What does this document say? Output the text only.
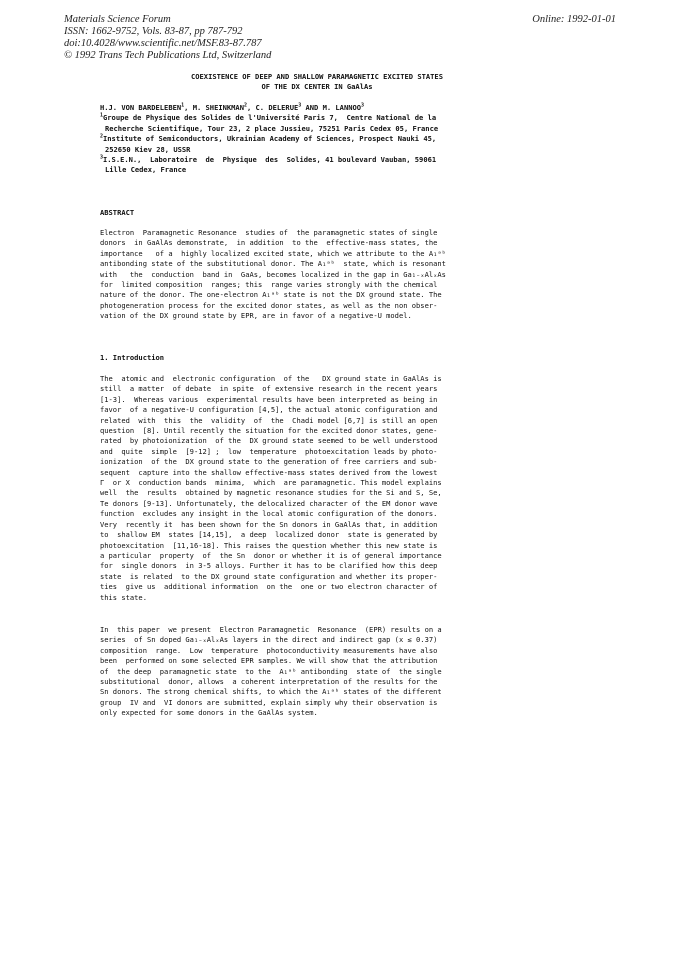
Materials Science Forum
ISSN: 1662-9752, Vols. 83-87, pp 787-792
doi:10.4028/www.scientific.net/MSF.83-87.787
© 1992 Trans Tech Publications Ltd, Switzerland
Online: 1992-01-01
COEXISTENCE OF DEEP AND SHALLOW PARAMAGNETIC EXCITED STATES
OF THE DX CENTER IN GaAlAs
H.J. VON BARDELEBEN$^1$, M. SHEINKMAN$^2$, C. DELERUE$^3$ AND M. LANNOO$^3$
$^1$Groupe de Physique des Solides de l'Université Paris 7,  Centre National de la
Recherche Scientifique, Tour 23, 2 place Jussieu, 75251 Paris Cedex 05, France
$^2$Institute of Semiconductors, Ukrainian Academy of Sciences, Prospect Nauki 45,
252650 Kiev 28, USSR
$^3$I.S.E.N.,  Laboratoire  de  Physique  des  Solides, 41 boulevard Vauban, 59061
Lille Cedex, France
ABSTRACT
Electron  Paramagnetic Resonance  studies of  the paramagnetic states of single
donors  in GaAlAs demonstrate,  in addition  to the  effective-mass states, the
importance   of a  highly localized excited state, which we attribute to the A₁ᵃᵇ
antibonding state of the substitutional donor. The A₁ᵃᵇ  state, which is resonant
with   the  conduction  band in  GaAs, becomes localized in the gap in Ga₁₋ₓAlₓAs
for  limited composition  ranges; this  range varies strongly with the chemical
nature of the donor. The one-electron A₁ᵃᵇ state is not the DX ground state. The
photogeneration process for the excited donor states, as well as the non obser-
vation of the DX ground state by EPR, are in favor of a negative-U model.
1. Introduction
The  atomic and  electronic configuration  of the   DX ground state in GaAlAs is
still  a matter  of debate  in spite  of extensive research in the recent years
[1-3].  Whereas various  experimental results have been interpreted as being in
favor  of a negative-U configuration [4,5], the actual atomic configuration and
related  with  this  the  validity  of  the  Chadi model [6,7] is still an open
question  [8]. Until recently the situation for the excited donor states, gene-
rated  by photoionization  of the  DX ground state seemed to be well understood
and  quite  simple  [9-12] ;  low  temperature  photoexcitation leads by photo-
ionization  of the  DX ground state to the generation of free carriers and sub-
sequent  capture into the shallow effective-mass states derived from the lowest
Γ  or X  conduction bands  minima,  which  are paramagnetic. This model explains
well  the  results  obtained by magnetic resonance studies for the Si and S, Se,
Te donors [9-13]. Unfortunately, the delocalized character of the EM donor wave
function  excludes any insight in the local atomic configuration of the donors.
Very  recently it  has been shown for the Sn donors in GaAlAs that, in addition
to  shallow EM  states [14,15],  a deep  localized donor  state is generated by
photoexcitation  [11,16-18]. This raises the question whether this new state is
a particular  property  of  the Sn  donor or whether it is of general importance
for  single donors  in 3-5 alloys. Further it has to be clarified how this deep
state  is related  to the DX ground state configuration and whether its proper-
ties  give us  additional information  on the  one or two electron character of
this state.
In  this paper  we present  Electron Paramagnetic  Resonance  (EPR) results on a
series  of Sn doped Ga₁₋ₓAlₓAs layers in the direct and indirect gap (x ≲ 0.37)
composition  range.  Low  temperature  photoconductivity measurements have also
been  performed on some selected EPR samples. We will show that the attribution
of  the deep  paramagnetic state  to the  A₁ᵃᵇ antibonding  state of  the single
substitutional  donor, allows  a coherent interpretation of the results for the
Sn donors. The strong chemical shifts, to which the A₁ᵃᵇ states of the different
group  IV and  VI donors are submitted, explain simply why their observation is
only expected for some donors in the GaAlAs system.
